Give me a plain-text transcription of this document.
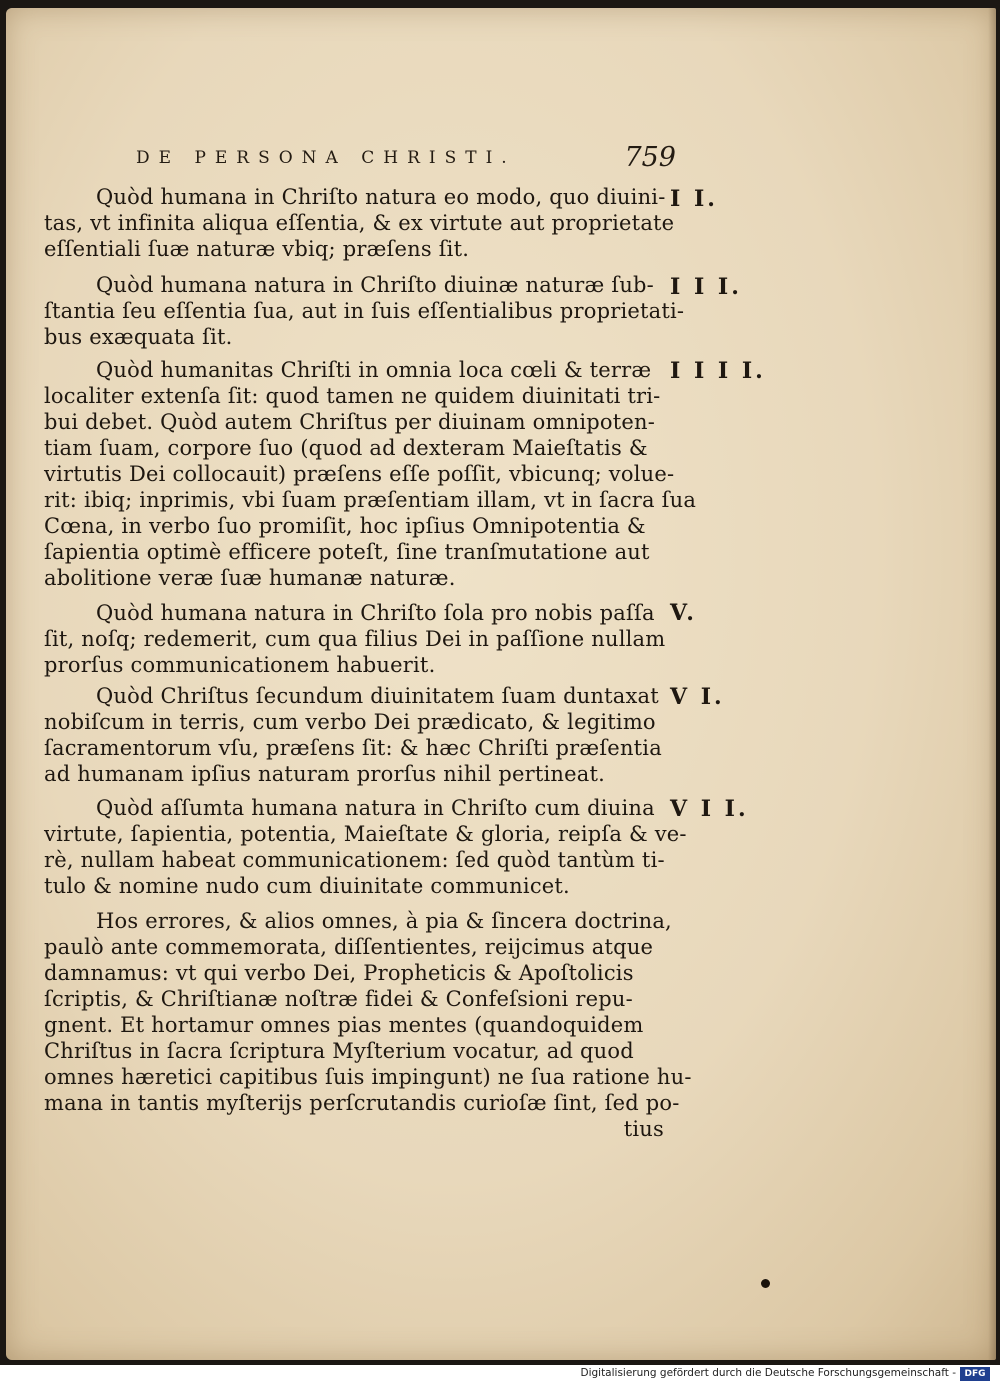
DE PERSONA CHRISTI.	759
Quòd humana in Chriſto natura eo modo, quo diuini-
tas, vt infinita aliqua eſſentia, & ex virtute aut proprietate
eſſentiali ſuæ naturæ vbiq; præſens ſit.
I I.
Quòd humana natura in Chriſto diuinæ naturæ ſub-
ſtantia ſeu eſſentia ſua, aut in ſuis eſſentialibus proprietati-
bus exæquata ſit.
I I I.
Quòd humanitas Chriſti in omnia loca cœli & terræ
localiter extenſa ſit: quod tamen ne quidem diuinitati tri-
bui debet. Quòd autem Chriſtus per diuinam omnipoten-
tiam ſuam, corpore ſuo (quod ad dexteram Maieſtatis &
virtutis Dei collocauit) præſens eſſe poſſit, vbicunq; volue-
rit: ibiq; inprimis, vbi ſuam præſentiam illam, vt in ſacra ſua
Cœna, in verbo ſuo promiſit, hoc ipſius Omnipotentia &
ſapientia optimè efficere poteſt, ſine tranſmutatione aut
abolitione veræ ſuæ humanæ naturæ.
I I I I.
Quòd humana natura in Chriſto ſola pro nobis paſſa
ſit, noſq; redemerit, cum qua filius Dei in paſſione nullam
prorſus communicationem habuerit.
V.
Quòd Chriſtus ſecundum diuinitatem ſuam duntaxat
nobiſcum in terris, cum verbo Dei prædicato, & legitimo
ſacramentorum vſu, præſens ſit: & hæc Chriſti præſentia
ad humanam ipſius naturam prorſus nihil pertineat.
V I.
Quòd aſſumta humana natura in Chriſto cum diuina
virtute, ſapientia, potentia, Maieſtate & gloria, reipſa & ve-
rè, nullam habeat communicationem: ſed quòd tantùm ti-
tulo & nomine nudo cum diuinitate communicet.
V I I.
Hos errores, & alios omnes, à pia & ſincera doctrina,
paulò ante commemorata, diſſentientes, reijcimus atque
damnamus: vt qui verbo Dei, Propheticis & Apoſtolicis
ſcriptis, & Chriſtianæ noſtræ fidei & Confeſsioni repu-
gnent. Et hortamur omnes pias mentes (quandoquidem
Chriſtus in ſacra ſcriptura Myſterium vocatur, ad quod
omnes hæretici capitibus ſuis impingunt) ne ſua ratione hu-
mana in tantis myſterijs perſcrutandis curioſæ ſint, ſed po-
tius
Digitalisierung gefördert durch die Deutsche Forschungsgemeinschaft - DFG
